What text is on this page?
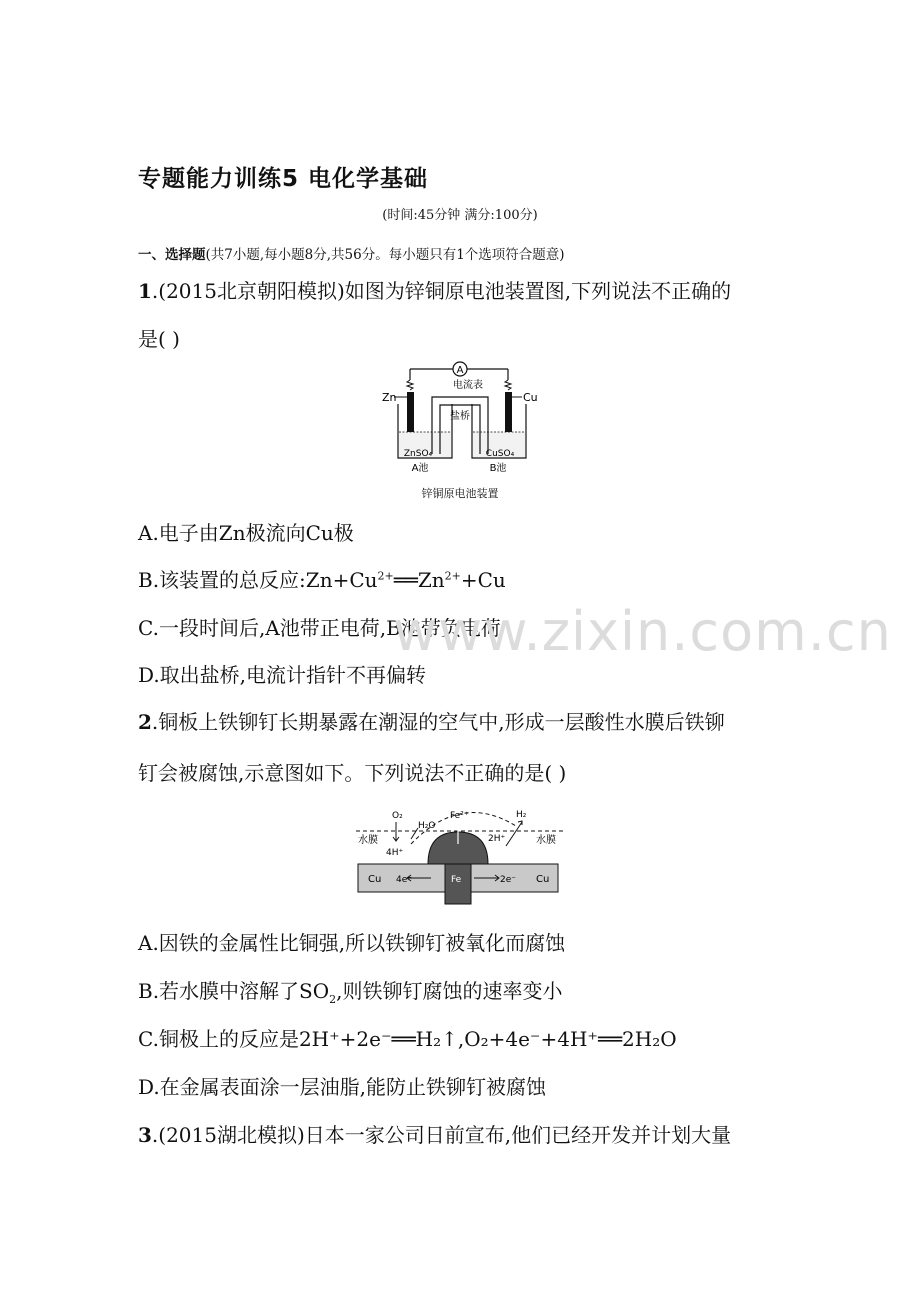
专题能力训练5 电化学基础
(时间:45分钟 满分:100分)
一、选择题(共7小题,每小题8分,共56分。每小题只有1个选项符合题意)
1.(2015北京朝阳模拟)如图为锌铜原电池装置图,下列说法不正确的
是( )
A
电流表
Zn	Cu
盐桥
ZnSO₄	CuSO₄
A池	B池
锌铜原电池装置
A.电子由Zn极流向Cu极
B.该装置的总反应$:Zn+Cu^{2+}══Zn^{2+}+Cu$
C.一段时间后,A池带正电荷,B池带负电荷
D.取出盐桥,电流计指针不再偏转
www.zixin.com.cn
2.铜板上铁铆钉长期暴露在潮湿的空气中,形成一层酸性水膜后铁铆
钉会被腐蚀,示意图如下。下列说法不正确的是( )
O₂
H₂O
Fe²⁺
2H⁺
H₂
水膜	水膜
4H⁺
Cu	Cu
4e⁻	Fe	2e⁻
A.因铁的金属性比铜强,所以铁铆钉被氧化而腐蚀
B.若水膜中溶解了$SO_2$,则铁铆钉腐蚀的速率变小
C.铜极上的反应是2H⁺+2e⁻══H₂↑,O₂+4e⁻+4H⁺══2H₂O
D.在金属表面涂一层油脂,能防止铁铆钉被腐蚀
3.(2015湖北模拟)日本一家公司日前宣布,他们已经开发并计划大量
